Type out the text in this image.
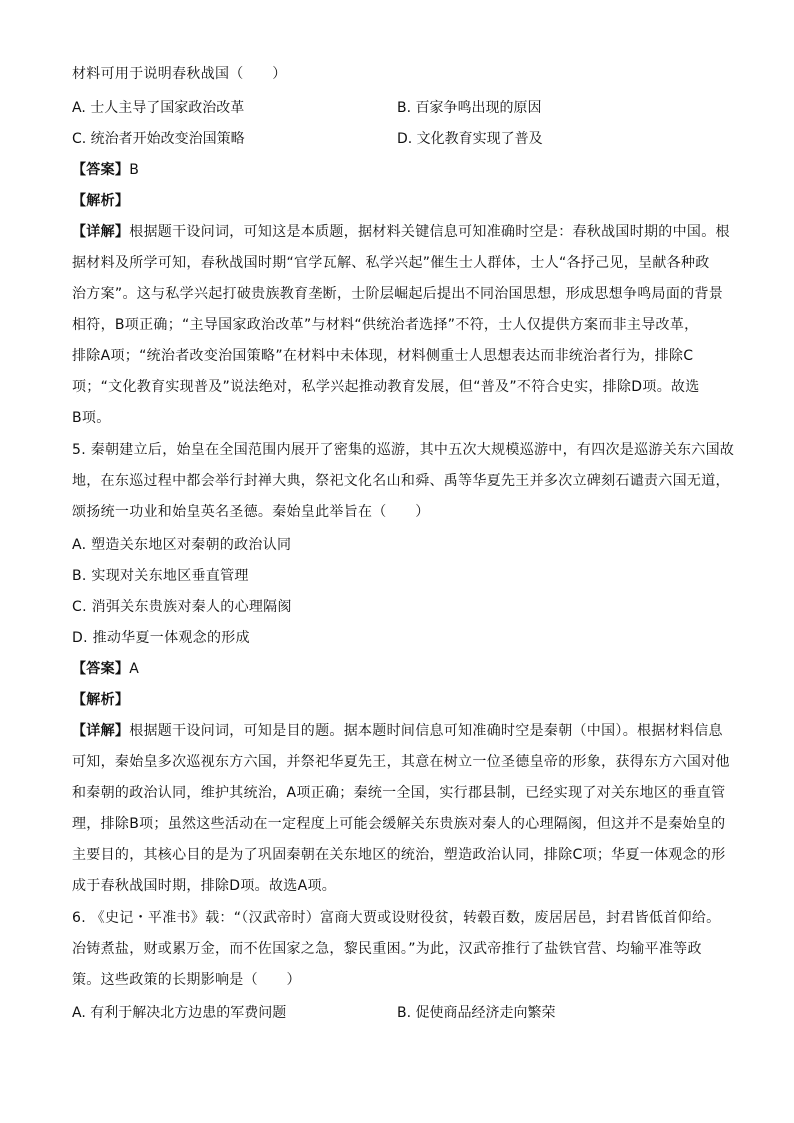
材料可用于说明春秋战国（　　）
A. 士人主导了国家政治改革	B. 百家争鸣出现的原因
C. 统治者开始改变治国策略	D. 文化教育实现了普及
【答案】B
【解析】
【详解】根据题干设问词，可知这是本质题，据材料关键信息可知准确时空是：春秋战国时期的中国。根
据材料及所学可知，春秋战国时期“官学瓦解、私学兴起”催生士人群体，士人“各抒己见，呈献各种政
治方案”。这与私学兴起打破贵族教育垄断，士阶层崛起后提出不同治国思想，形成思想争鸣局面的背景
相符，B项正确；“主导国家政治改革”与材料“供统治者选择”不符，士人仅提供方案而非主导改革，
排除A项；“统治者改变治国策略”在材料中未体现，材料侧重士人思想表达而非统治者行为，排除C
项；“文化教育实现普及”说法绝对，私学兴起推动教育发展，但“普及”不符合史实，排除D项。故选
B项。
5. 秦朝建立后，始皇在全国范围内展开了密集的巡游，其中五次大规模巡游中，有四次是巡游关东六国故
地，在东巡过程中都会举行封禅大典，祭祀文化名山和舜、禹等华夏先王并多次立碑刻石谴责六国无道，
颂扬统一功业和始皇英名圣德。秦始皇此举旨在（　　）
A. 塑造关东地区对秦朝的政治认同
B. 实现对关东地区垂直管理
C. 消弭关东贵族对秦人的心理隔阂
D. 推动华夏一体观念的形成
【答案】A
【解析】
【详解】根据题干设问词，可知是目的题。据本题时间信息可知准确时空是秦朝（中国）。根据材料信息
可知，秦始皇多次巡视东方六国，并祭祀华夏先王，其意在树立一位圣德皇帝的形象，获得东方六国对他
和秦朝的政治认同，维护其统治，A项正确；秦统一全国，实行郡县制，已经实现了对关东地区的垂直管
理，排除B项；虽然这些活动在一定程度上可能会缓解关东贵族对秦人的心理隔阂，但这并不是秦始皇的
主要目的，其核心目的是为了巩固秦朝在关东地区的统治，塑造政治认同，排除C项；华夏一体观念的形
成于春秋战国时期，排除D项。故选A项。
6. 《史记・平准书》载：“（汉武帝时）富商大贾或设财役贫，转毂百数，废居居邑，封君皆低首仰给。
冶铸煮盐，财或累万金，而不佐国家之急，黎民重困。”为此，汉武帝推行了盐铁官营、均输平准等政
策。这些政策的长期影响是（　　）
A. 有利于解决北方边患的军费问题	B. 促使商品经济走向繁荣
